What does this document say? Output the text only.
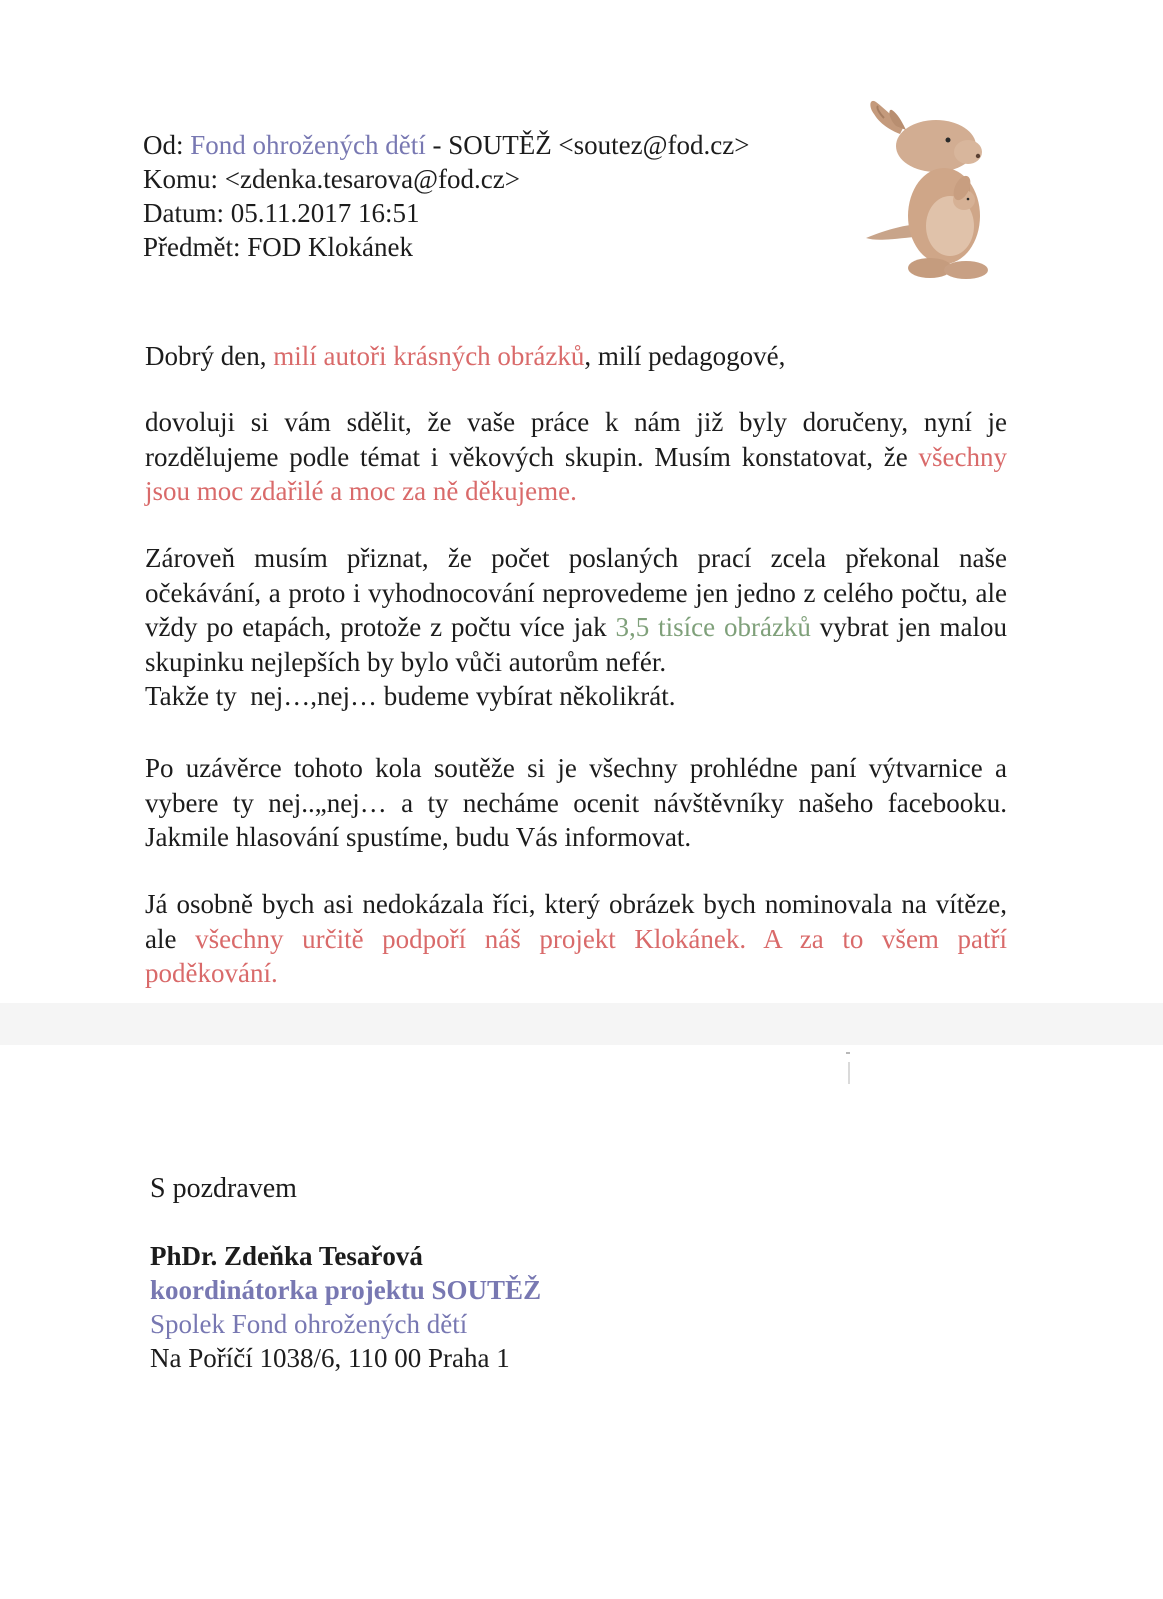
Od: Fond ohrožených dětí - SOUTĚŽ <soutez@fod.cz>
Komu: <zdenka.tesarova@fod.cz>
Datum: 05.11.2017 16:51
Předmět: FOD Klokánek
Dobrý den, milí autoři krásných obrázků, milí pedagogové,
dovoluji si vám sdělit, že vaše práce k nám již byly doručeny, nyní je rozdělujeme podle témat i věkových skupin. Musím konstatovat, že všechny jsou moc zdařilé a moc za ně děkujeme.
Zároveň musím přiznat, že počet poslaných prací zcela překonal naše očekávání, a proto i vyhodnocování neprovedeme jen jedno z celého počtu, ale vždy po etapách, protože z počtu více jak 3,5 tisíce obrázků vybrat jen malou skupinku nejlepších by bylo vůči autorům nefér.
Takže ty  nej…,nej… budeme vybírat několikrát.
Po uzávěrce tohoto kola soutěže si je všechny prohlédne paní výtvarnice a vybere ty nej..„nej… a ty necháme ocenit návštěvníky našeho facebooku. Jakmile hlasování spustíme, budu Vás informovat.
Já osobně bych asi nedokázala říci, který obrázek bych nominovala na vítěze, ale všechny určitě podpoří náš projekt Klokánek. A za to všem patří poděkování.
S pozdravem
PhDr. Zdeňka Tesařová
koordinátorka projektu SOUTĚŽ
Spolek Fond ohrožených dětí
Na Poříčí 1038/6, 110 00 Praha 1
